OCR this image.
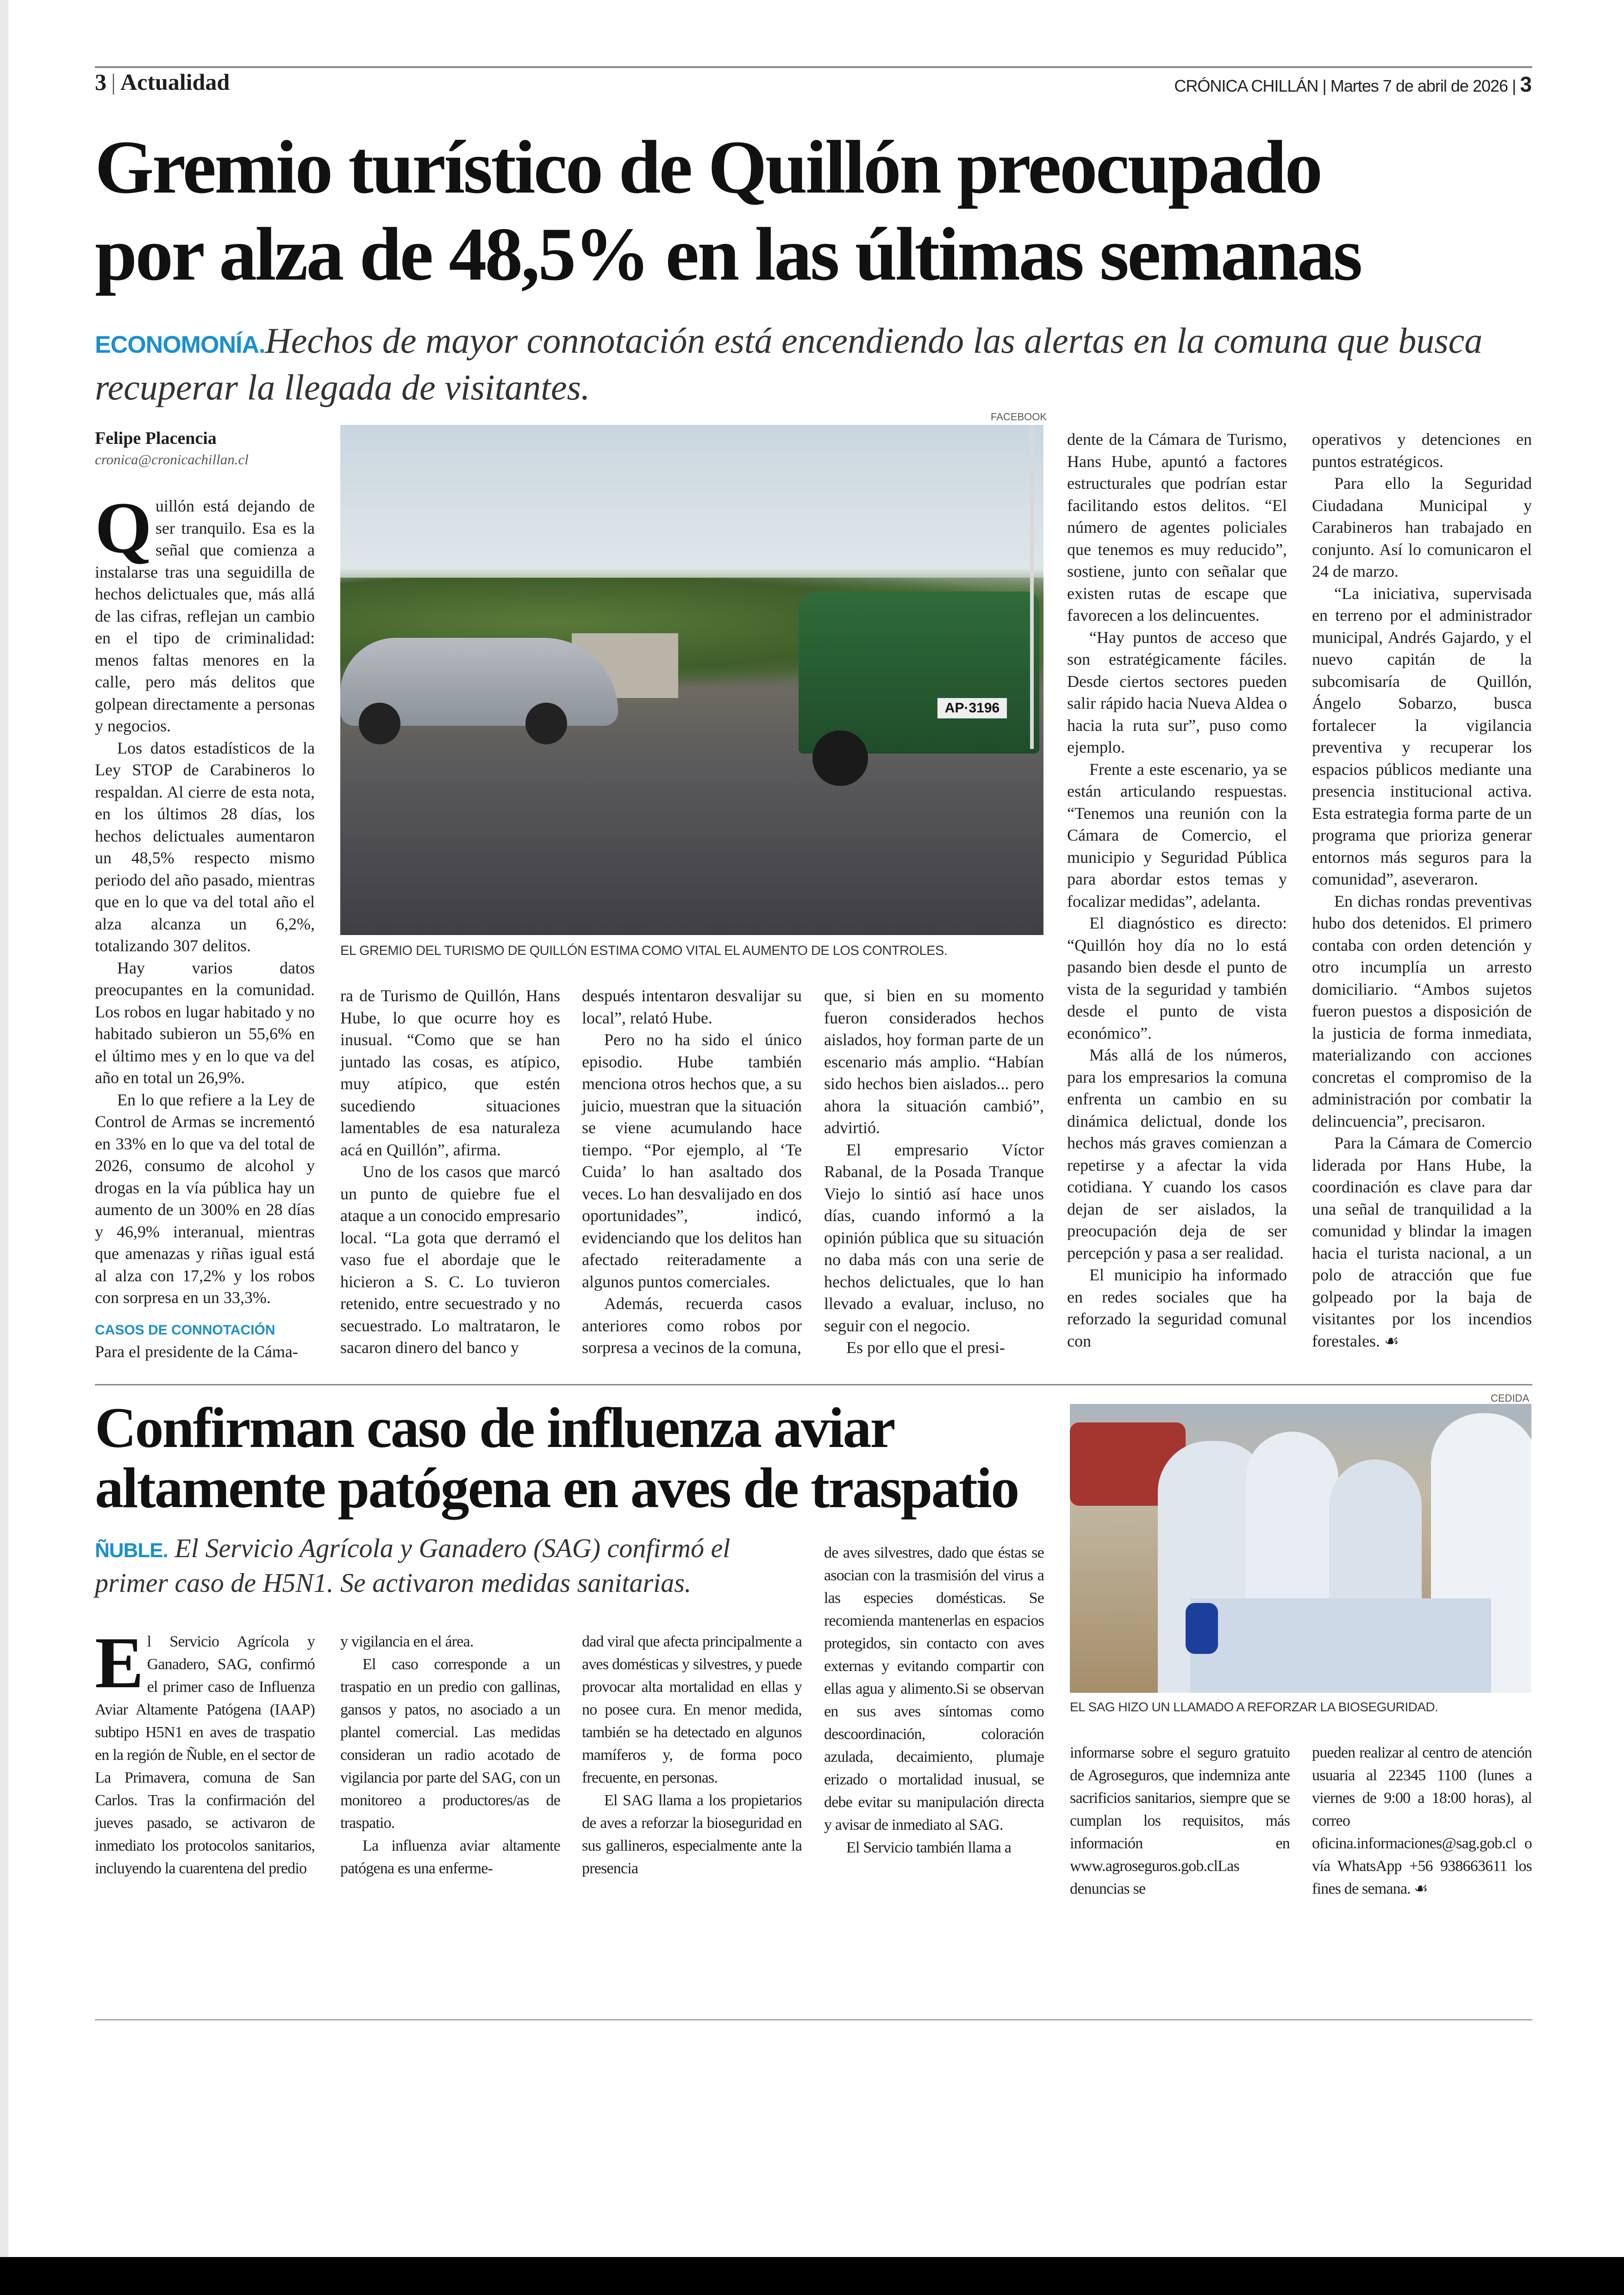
3 | Actualidad	CRÓNICA CHILLÁN | Martes 7 de abril de 2026 | 3
Gremio turístico de Quillón preocupado
por alza de 48,5% en las últimas semanas
ECONOMONÍA.Hechos de mayor connotación está encendiendo las alertas en la comuna que busca recuperar la llegada de visitantes.
Felipe Placencia
cronica@cronicachillan.cl
FACEBOOK
AP·3196
EL GREMIO DEL TURISMO DE QUILLÓN ESTIMA COMO VITAL EL AUMENTO DE LOS CONTROLES.

Quillón está dejando de ser tranquilo. Esa es la señal que comienza a instalarse tras una seguidilla de hechos delictuales que, más allá de las cifras, reflejan un cambio en el tipo de criminalidad: menos faltas menores en la calle, pero más delitos que golpean directamente a personas y negocios.

Los datos estadísticos de la Ley STOP de Carabineros lo respaldan. Al cierre de esta nota, en los últimos 28 días, los hechos delictuales aumentaron un 48,5% respecto mismo periodo del año pasado, mientras que en lo que va del total año el alza alcanza un 6,2%, totalizando 307 delitos.

Hay varios datos preocupantes en la comunidad. Los robos en lugar habitado y no habitado subieron un 55,6% en el último mes y en lo que va del año en total un 26,9%.

En lo que refiere a la Ley de Control de Armas se incrementó en 33% en lo que va del total de 2026, consumo de alcohol y drogas en la vía pública hay un aumento de un 300% en 28 días y 46,9% interanual, mientras que amenazas y riñas igual está al alza con 17,2% y los robos con sorpresa en un 33,3%.

CASOS DE CONNOTACIÓN

Para el presidente de la Cáma-

ra de Turismo de Quillón, Hans Hube, lo que ocurre hoy es inusual. “Como que se han juntado las cosas, es atípico, muy atípico, que estén sucediendo situaciones lamentables de esa naturaleza acá en Quillón”, afirma.

Uno de los casos que marcó un punto de quiebre fue el ataque a un conocido empresario local. “La gota que derramó el vaso fue el abordaje que le hicieron a S. C. Lo tuvieron retenido, entre secuestrado y no secuestrado. Lo maltrataron, le sacaron dinero del banco y

después intentaron desvalijar su local”, relató Hube.

Pero no ha sido el único episodio. Hube también menciona otros hechos que, a su juicio, muestran que la situación se viene acumulando hace tiempo. “Por ejemplo, al ‘Te Cuida’ lo han asaltado dos veces. Lo han desvalijado en dos oportunidades”, indicó, evidenciando que los delitos han afectado reiteradamente a algunos puntos comerciales.

Además, recuerda casos anteriores como robos por sorpresa a vecinos de la comuna,

que, si bien en su momento fueron considerados hechos aislados, hoy forman parte de un escenario más amplio. “Habían sido hechos bien aislados... pero ahora la situación cambió”, advirtió.

El empresario Víctor Rabanal, de la Posada Tranque Viejo lo sintió así hace unos días, cuando informó a la opinión pública que su situación no daba más con una serie de hechos delictuales, que lo han llevado a evaluar, incluso, no seguir con el negocio.

Es por ello que el presi-

dente de la Cámara de Turismo, Hans Hube, apuntó a factores estructurales que podrían estar facilitando estos delitos. “El número de agentes policiales que tenemos es muy reducido”, sostiene, junto con señalar que existen rutas de escape que favorecen a los delincuentes.

“Hay puntos de acceso que son estratégicamente fáciles. Desde ciertos sectores pueden salir rápido hacia Nueva Aldea o hacia la ruta sur”, puso como ejemplo.

Frente a este escenario, ya se están articulando respuestas. “Tenemos una reunión con la Cámara de Comercio, el municipio y Seguridad Pública para abordar estos temas y focalizar medidas”, adelanta.

El diagnóstico es directo: “Quillón hoy día no lo está pasando bien desde el punto de vista de la seguridad y también desde el punto de vista económico”.

Más allá de los números, para los empresarios la comuna enfrenta un cambio en su dinámica delictual, donde los hechos más graves comienzan a repetirse y a afectar la vida cotidiana. Y cuando los casos dejan de ser aislados, la preocupación deja de ser percepción y pasa a ser realidad.

El municipio ha informado en redes sociales que ha reforzado la seguridad comunal con

operativos y detenciones en puntos estratégicos.

Para ello la Seguridad Ciudadana Municipal y Carabineros han trabajado en conjunto. Así lo comunicaron el 24 de marzo.

“La iniciativa, supervisada en terreno por el administrador municipal, Andrés Gajardo, y el nuevo capitán de la subcomisaría de Quillón, Ángelo Sobarzo, busca fortalecer la vigilancia preventiva y recuperar los espacios públicos mediante una presencia institucional activa. Esta estrategia forma parte de un programa que prioriza generar entornos más seguros para la comunidad”, aseveraron.

En dichas rondas preventivas hubo dos detenidos. El primero contaba con orden detención y otro incumplía un arresto domiciliario. “Ambos sujetos fueron puestos a disposición de la justicia de forma inmediata, materializando con acciones concretas el compromiso de la administración por combatir la delincuencia”, precisaron.

Para la Cámara de Comercio liderada por Hans Hube, la coordinación es clave para dar una señal de tranquilidad a la comunidad y blindar la imagen hacia el turista nacional, a un polo de atracción que fue golpeado por la baja de visitantes por los incendios forestales. ☙

Confirman caso de influenza aviar
altamente patógena en aves de traspatio
ÑUBLE. El Servicio Agrícola y Ganadero (SAG) confirmó el primer caso de H5N1. Se activaron medidas sanitarias.
CEDIDA
EL SAG HIZO UN LLAMADO A REFORZAR LA BIOSEGURIDAD.

El Servicio Agrícola y Ganadero, SAG, confirmó el primer caso de Influenza Aviar Altamente Patógena (IAAP) subtipo H5N1 en aves de traspatio en la región de Ñuble, en el sector de La Primavera, comuna de San Carlos. Tras la confirmación del jueves pasado, se activaron de inmediato los protocolos sanitarios, incluyendo la cuarentena del predio

y vigilancia en el área.

El caso corresponde a un traspatio en un predio con gallinas, gansos y patos, no asociado a un plantel comercial. Las medidas consideran un radio acotado de vigilancia por parte del SAG, con un monitoreo a productores/as de traspatio.

La influenza aviar altamente patógena es una enferme-

dad viral que afecta principalmente a aves domésticas y silvestres, y puede provocar alta mortalidad en ellas y no posee cura. En menor medida, también se ha detectado en algunos mamíferos y, de forma poco frecuente, en personas.

El SAG llama a los propietarios de aves a reforzar la bioseguridad en sus gallineros, especialmente ante la presencia

de aves silvestres, dado que éstas se asocian con la trasmisión del virus a las especies domésticas. Se recomienda mantenerlas en espacios protegidos, sin contacto con aves externas y evitando compartir con ellas agua y alimento.Si se observan en sus aves síntomas como descoordinación, coloración azulada, decaimiento, plumaje erizado o mortalidad inusual, se debe evitar su manipulación directa y avisar de inmediato al SAG.

El Servicio también llama a

informarse sobre el seguro gratuito de Agroseguros, que indemniza ante sacrificios sanitarios, siempre que se cumplan los requisitos, más información en www.agroseguros.gob.clLas denuncias se

pueden realizar al centro de atención usuaria al 22345 1100 (lunes a viernes de 9:00 a 18:00 horas), al correo oficina.informaciones@sag.gob.cl o vía WhatsApp +56 938663611 los fines de semana. ☙
